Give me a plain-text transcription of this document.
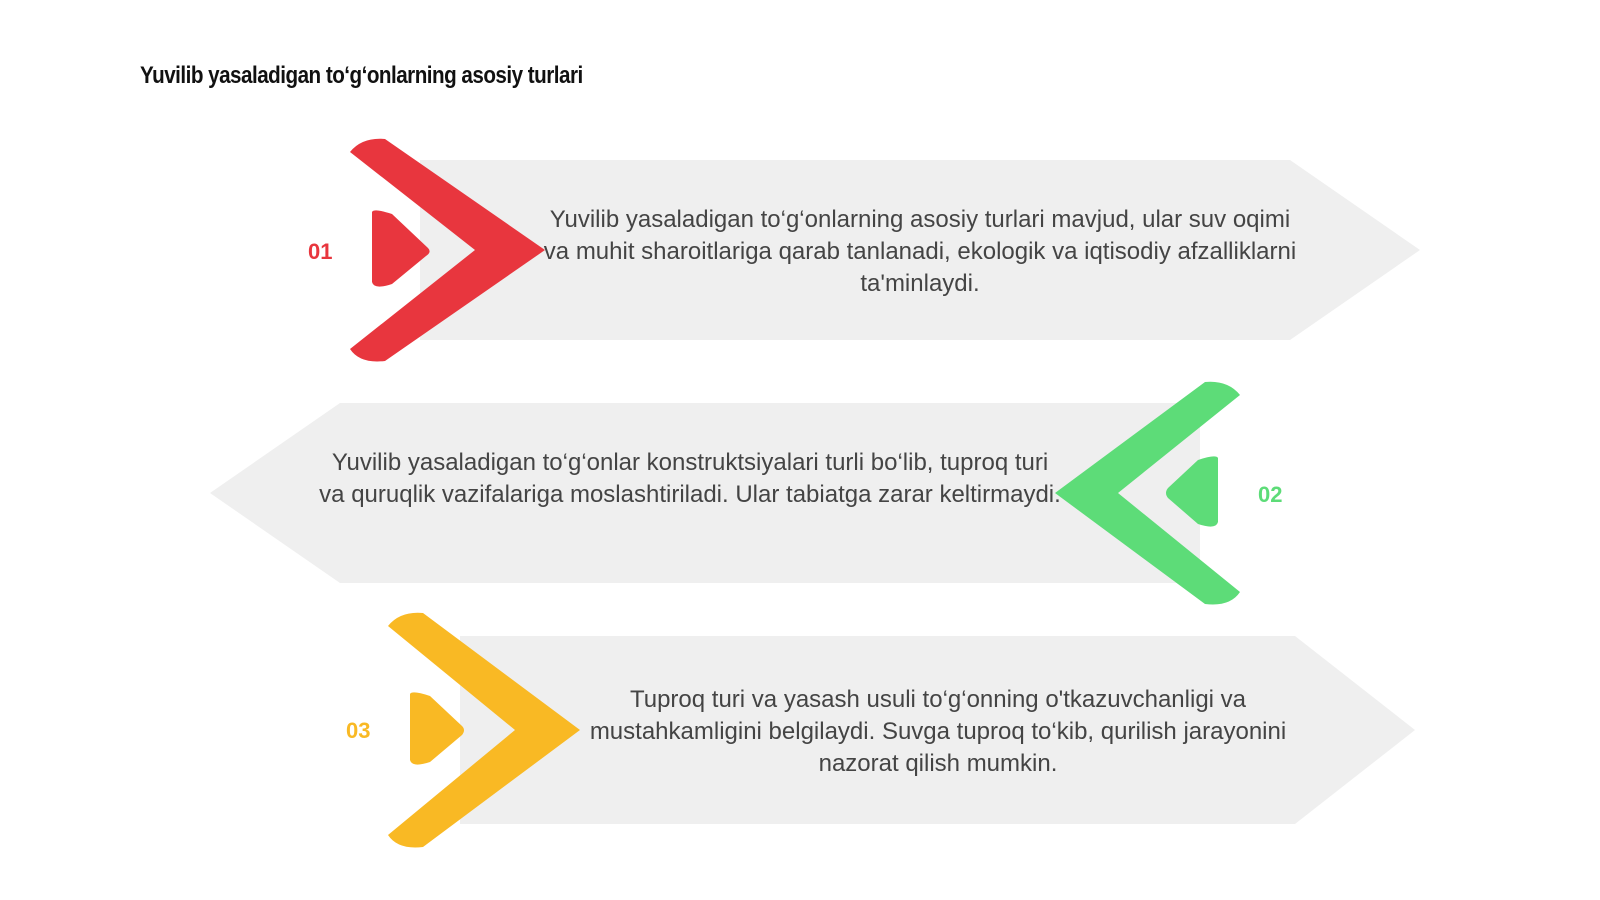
Yuvilib yasaladigan to‘g‘onlarning asosiy turlari
01
Yuvilib yasaladigan to‘g‘onlarning asosiy turlari mavjud, ular suv oqimi va muhit sharoitlariga qarab tanlanadi, ekologik va iqtisodiy afzalliklarni ta'minlaydi.
02
Yuvilib yasaladigan to‘g‘onlar konstruktsiyalari turli bo‘lib, tuproq turi va quruqlik vazifalariga moslashtiriladi. Ular tabiatga zarar keltirmaydi.
03
Tuproq turi va yasash usuli to‘g‘onning o'tkazuvchanligi va mustahkamligini belgilaydi. Suvga tuproq to‘kib, qurilish jarayonini nazorat qilish mumkin.
